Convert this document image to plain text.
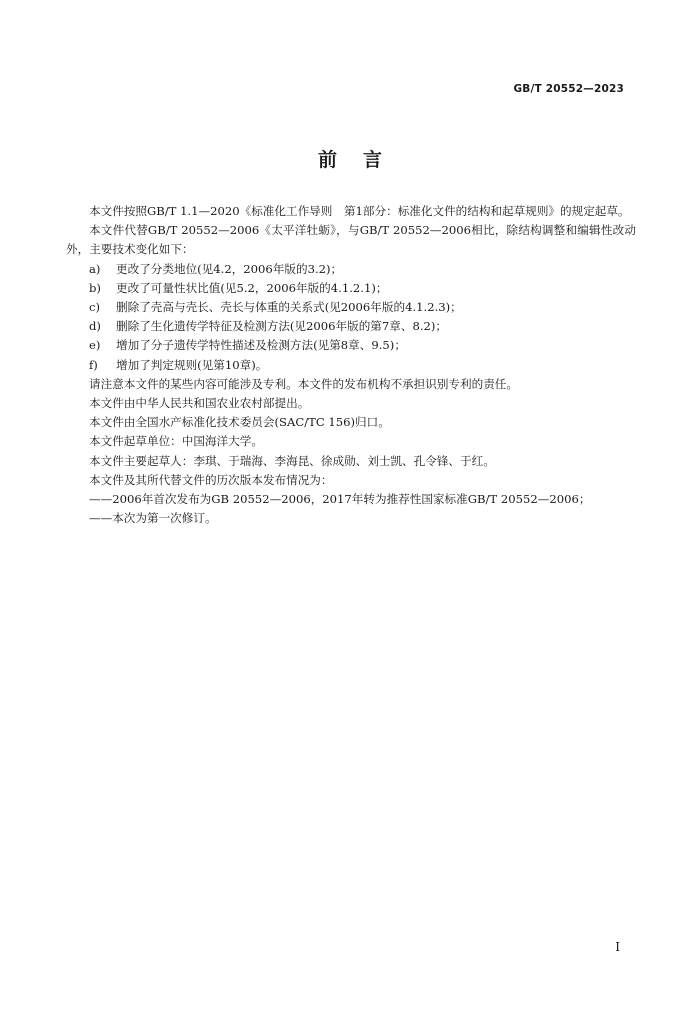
GB/T 20552—2023
前言

本文件按照GB/T 1.1—2020《标准化工作导则　第1部分：标准化文件的结构和起草规则》的规定起草。

本文件代替GB/T 20552—2006《太平洋牡蛎》，与GB/T 20552—2006相比，除结构调整和编辑性改动外，主要技术变化如下：

a)	更改了分类地位(见4.2，2006年版的3.2)；
b)	更改了可量性状比值(见5.2，2006年版的4.1.2.1)；
c)	删除了壳高与壳长、壳长与体重的关系式(见2006年版的4.1.2.3)；
d)	删除了生化遗传学特征及检测方法(见2006年版的第7章、8.2)；
e)	增加了分子遗传学特性描述及检测方法(见第8章、9.5)；
f)	增加了判定规则(见第10章)。

请注意本文件的某些内容可能涉及专利。本文件的发布机构不承担识别专利的责任。

本文件由中华人民共和国农业农村部提出。

本文件由全国水产标准化技术委员会(SAC/TC 156)归口。

本文件起草单位：中国海洋大学。

本文件主要起草人：李琪、于瑞海、李海昆、徐成勋、刘士凯、孔令锋、于红。

本文件及其所代替文件的历次版本发布情况为：

——2006年首次发布为GB 20552—2006，2017年转为推荐性国家标准GB/T 20552—2006；

——本次为第一次修订。

I
